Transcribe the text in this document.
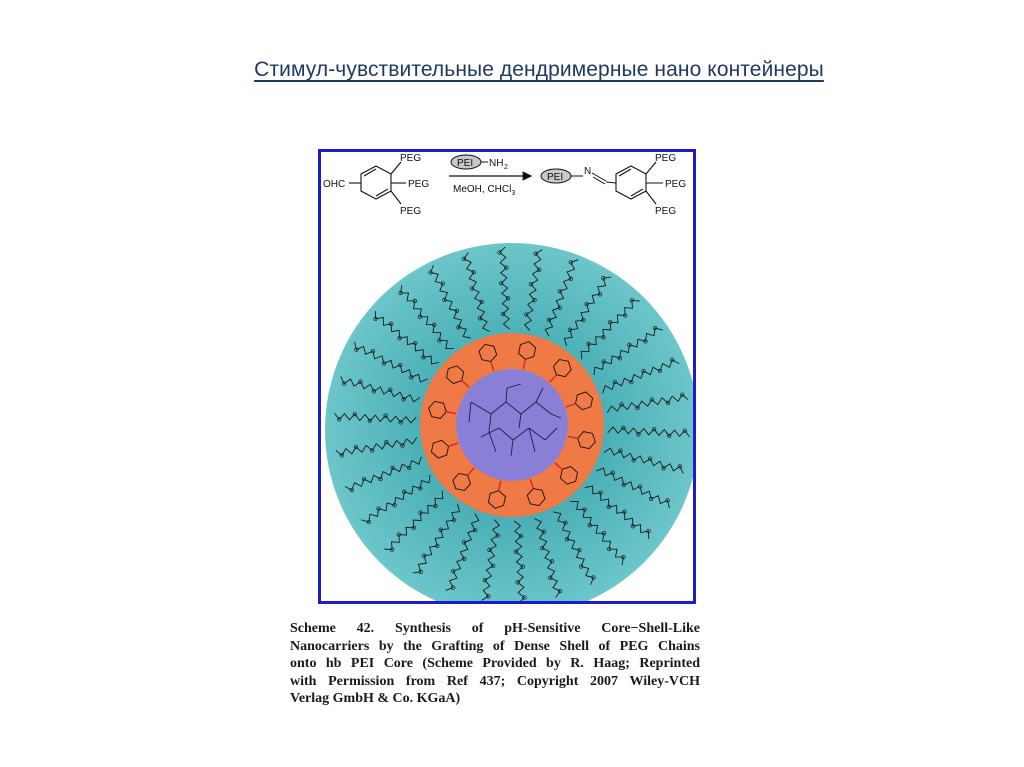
Стимул-чувствительные дендримерные нано контейнеры
OHC
PEG
PEG
PEG
PEI NH 2
MeOH, CHCl$_3$
PEI
N
PEG
PEG
PEG
Scheme 42. Synthesis of pH-Sensitive Core−Shell-Like
Nanocarriers by the Grafting of Dense Shell of PEG Chains
onto hb PEI Core (Scheme Provided by R. Haag; Reprinted
with Permission from Ref 437; Copyright 2007 Wiley-VCH
Verlag GmbH & Co. KGaA)
